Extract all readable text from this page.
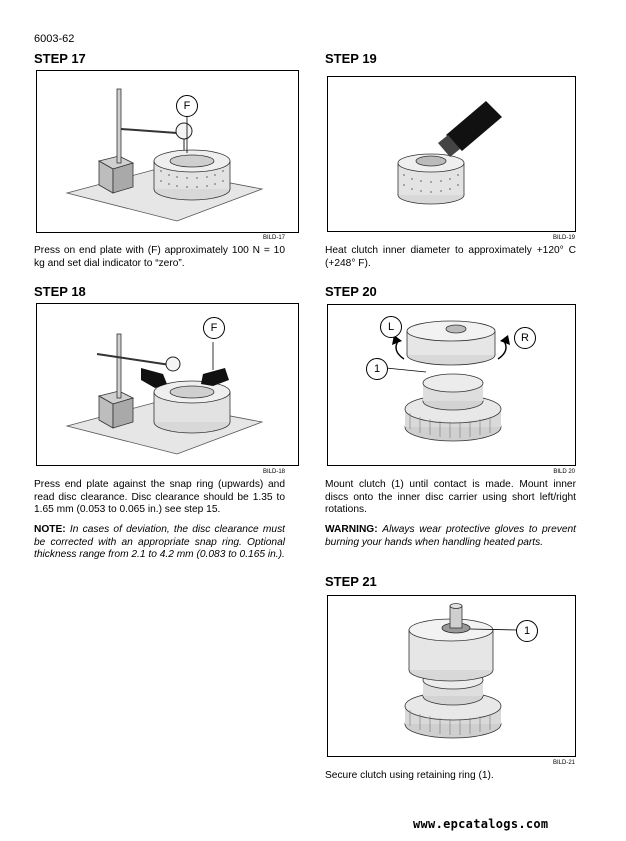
6003-62
STEP 17
F
BILD-17
Press on end plate with (F) approximately 100 N = 10 kg and set dial indicator to “zero”.
STEP 18
F
BILD-18
Press end plate against the snap ring (upwards) and read disc clearance. Disc clearance should be 1.35 to 1.65 mm (0.053 to 0.065 in.) see step 15.
NOTE: In cases of deviation, the disc clearance must be corrected with an appropriate snap ring. Optional thickness range from 2.1 to 4.2 mm (0.083 to 0.165 in.).
STEP 19
BILD-19
Heat clutch inner diameter to approximately +120° C (+248° F).
STEP 20
L
R
1
BILD 20
Mount clutch (1) until contact is made. Mount inner discs onto the inner disc carrier using short left/right rotations.
WARNING: Always wear protective gloves to prevent burning your hands when handling heated parts.
STEP 21
1
BILD-21
Secure clutch using retaining ring (1).
www.epcatalogs.com
